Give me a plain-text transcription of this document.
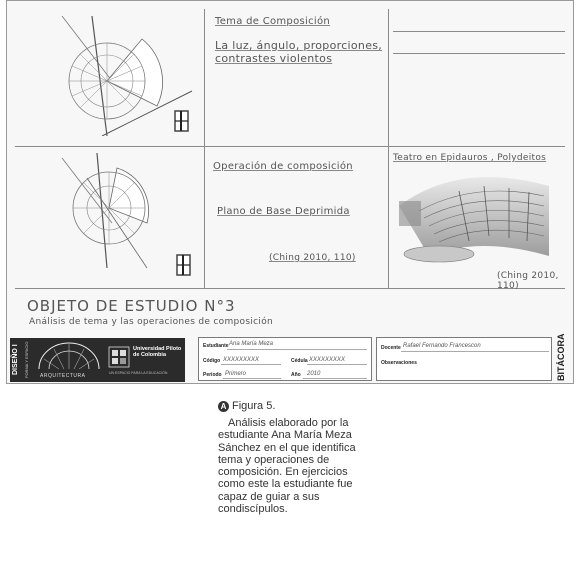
Tema de Composición
La luz, ángulo, proporciones, contrastes violentos
Operación de composición
Plano de Base Deprimida
(Ching 2010, 110)
Teatro en Epidauros , Polydeitos
(Ching 2010, 110)
OBJETO DE ESTUDIO N°3
Análisis de tema y las operaciones de composición
DISEÑO I	FORMA Y ESPACIO	ARQUITECTURA
Universidad Piloto de Colombia
UN ESPACIO PARA LA EDUCACIÓN
Estudiante Ana María Meza
Código XXXXXXXXX	Cédula XXXXXXXXX
Periodo Primero	Año 2010
Docente Rafael Fernando Francescon
Observaciones	BITÁCORA
A Figura 5.
Análisis elaborado por la estudiante Ana María Meza Sánchez en el que identifica tema y operaciones de composición. En ejercicios como este la estudiante fue capaz de guiar a sus condiscípulos.
